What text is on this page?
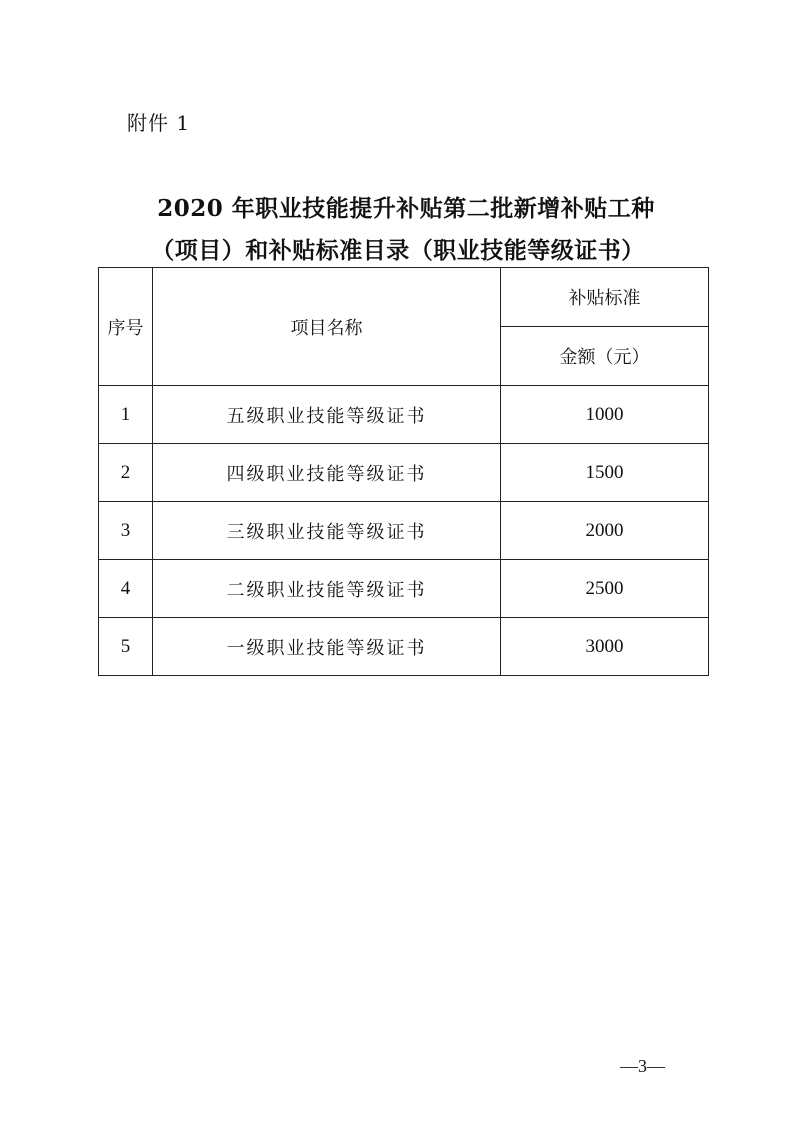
附件 1
2020 年职业技能提升补贴第二批新增补贴工种
（项目）和补贴标准目录（职业技能等级证书）
序号	项目名称	补贴标准
		金额（元）
1	五级职业技能等级证书	1000
2	四级职业技能等级证书	1500
3	三级职业技能等级证书	2000
4	二级职业技能等级证书	2500
5	一级职业技能等级证书	3000
—3—
